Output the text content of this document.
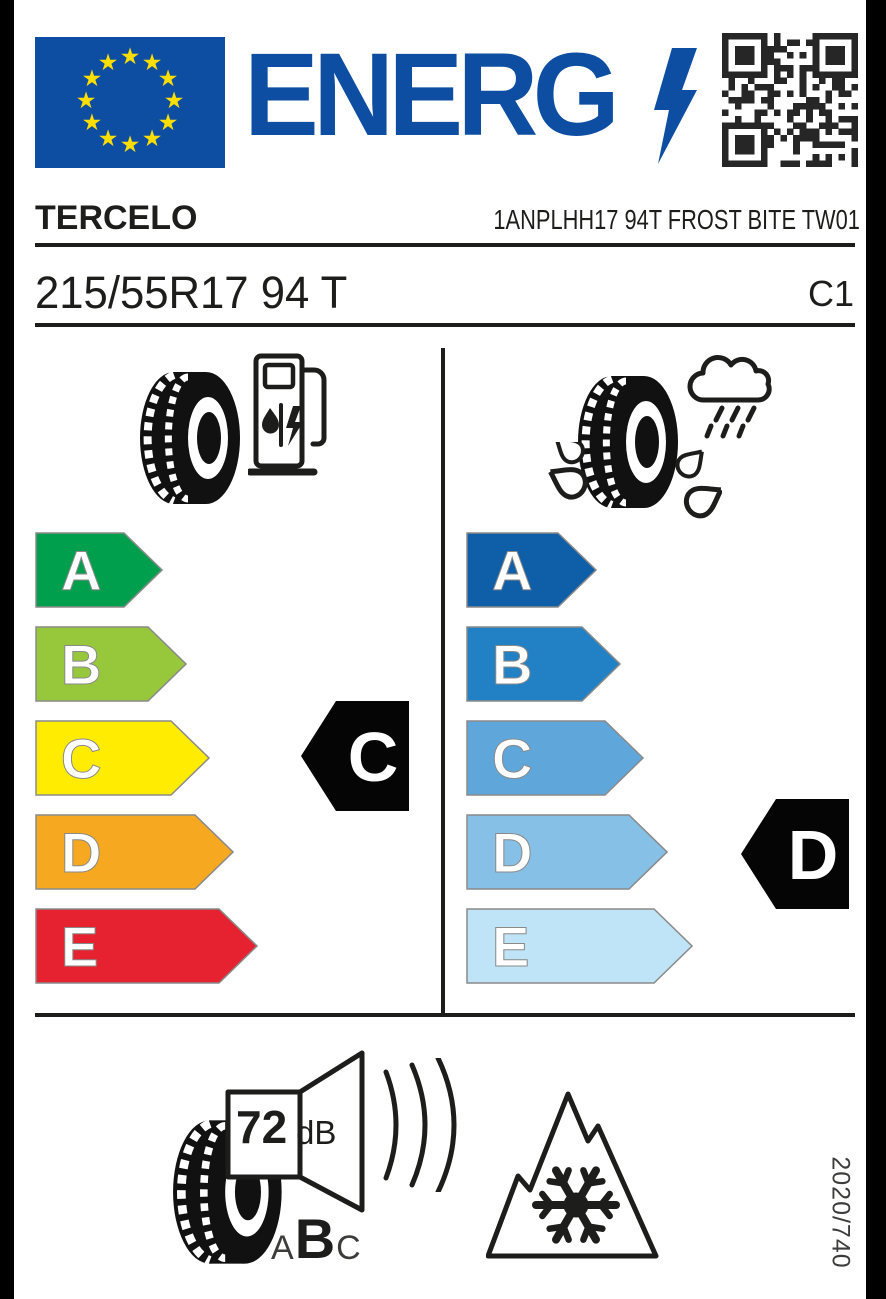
★ ★
★
★
★
★
★
★
★
★
★
★ ENERG
TERCELO	1ANPLHH17 94T FROST BITE TW01
215/55R17 94 T	C1
A
B
C
D
E
A
B
C
D
E
C
D
72 dB
A B C	2020/740
